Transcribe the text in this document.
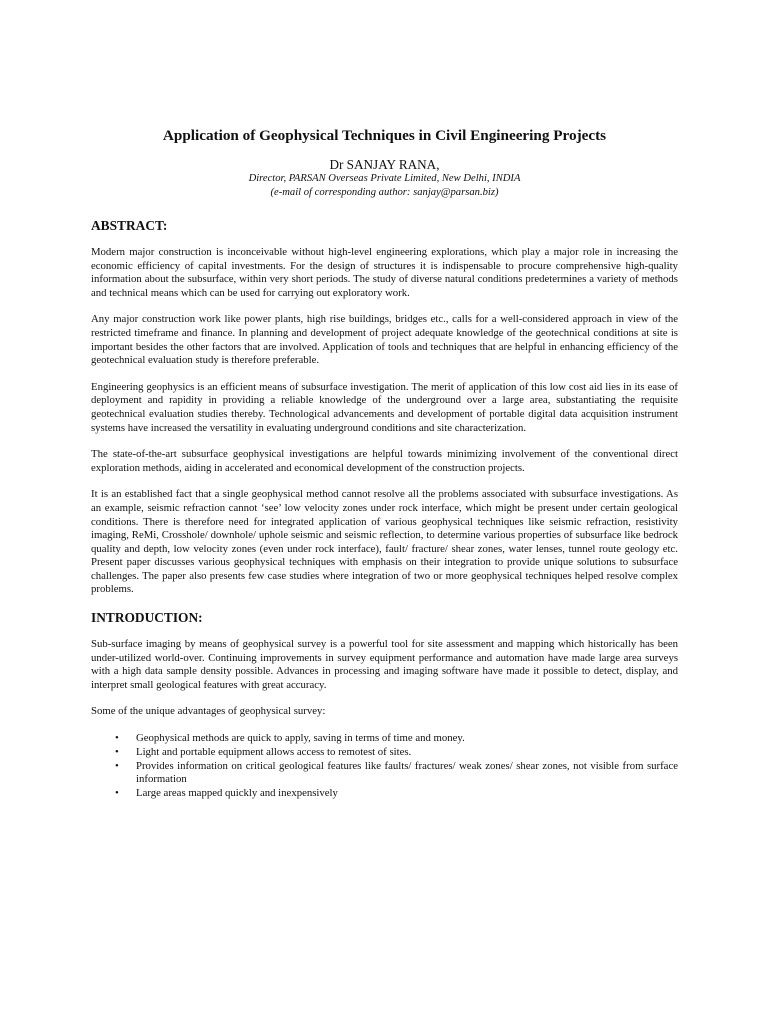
Application of Geophysical Techniques in Civil Engineering Projects
Dr SANJAY RANA,
Director, PARSAN Overseas Private Limited, New Delhi, INDIA
(e-mail of corresponding author: sanjay@parsan.biz)
ABSTRACT:

Modern major construction is inconceivable without high-level engineering explorations, which play a major role in increasing the economic efficiency of capital investments. For the design of structures it is indispensable to procure comprehensive high-quality information about the subsurface, within very short periods. The study of diverse natural conditions predetermines a variety of methods and technical means which can be used for carrying out exploratory work.

Any major construction work like power plants, high rise buildings, bridges etc., calls for a well-considered approach in view of the restricted timeframe and finance. In planning and development of project adequate knowledge of the geotechnical conditions at site is important besides the other factors that are involved. Application of tools and techniques that are helpful in enhancing efficiency of the geotechnical evaluation study is therefore preferable.

Engineering geophysics is an efficient means of subsurface investigation. The merit of application of this low cost aid lies in its ease of deployment and rapidity in providing a reliable knowledge of the underground over a large area, substantiating the requisite geotechnical evaluation studies thereby. Technological advancements and development of portable digital data acquisition instrument systems have increased the versatility in evaluating underground conditions and site characterization.

The state-of-the-art subsurface geophysical investigations are helpful towards minimizing involvement of the conventional direct exploration methods, aiding in accelerated and economical development of the construction projects.

It is an established fact that a single geophysical method cannot resolve all the problems associated with subsurface investigations. As an example, seismic refraction cannot ‘see’ low velocity zones under rock interface, which might be present under certain geological conditions. There is therefore need for integrated application of various geophysical techniques like seismic refraction, resistivity imaging, ReMi, Crosshole/ downhole/ uphole seismic and seismic reflection, to determine various properties of subsurface like bedrock quality and depth, low velocity zones (even under rock interface), fault/ fracture/ shear zones, water lenses, tunnel route geology etc. Present paper discusses various geophysical techniques with emphasis on their integration to provide unique solutions to subsurface challenges. The paper also presents few case studies where integration of two or more geophysical techniques helped resolve complex problems.

INTRODUCTION:

Sub-surface imaging by means of geophysical survey is a powerful tool for site assessment and mapping which historically has been under-utilized world-over. Continuing improvements in survey equipment performance and automation have made large area surveys with a high data sample density possible. Advances in processing and imaging software have made it possible to detect, display, and interpret small geological features with great accuracy.

Some of the unique advantages of geophysical survey:

• Geophysical methods are quick to apply, saving in terms of time and money.
• Light and portable equipment allows access to remotest of sites.
• Provides information on critical geological features like faults/ fractures/ weak zones/ shear zones, not visible from surface information
• Large areas mapped quickly and inexpensively
